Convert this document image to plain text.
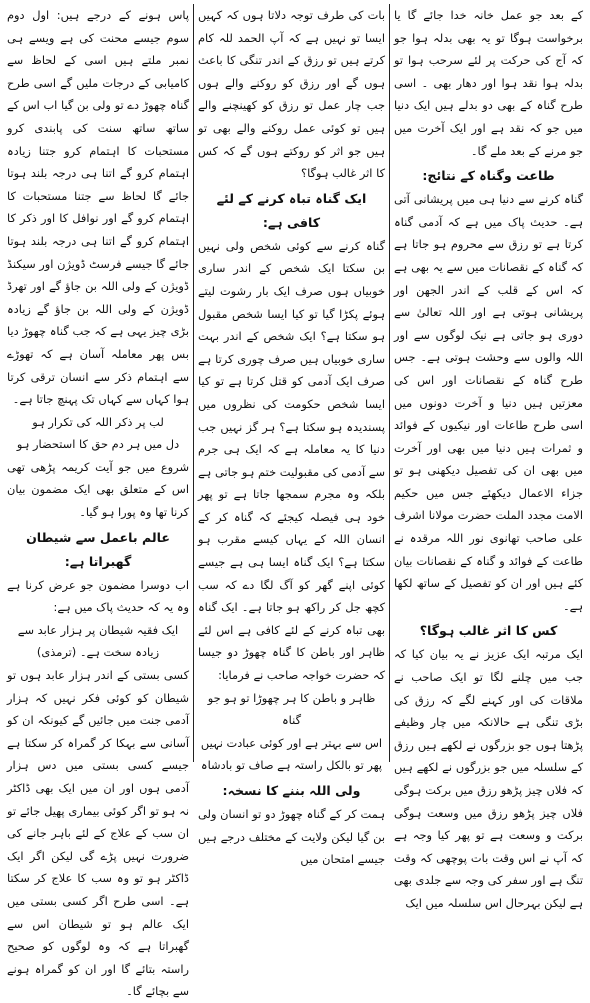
کے بعد جو عمل خانہ خدا جائے گا یا برخواست ہوگا تو یہ بھی بدلہ ہوا جو کہ آج کی حرکت پر لئے سرحب ہوا تو بدلہ ہوا نقد ہوا اور دھار بھی ۔ اسی طرح گناہ کے بھی دو بدلے ہیں ایک دنیا میں جو کہ نقد ہے اور ایک آخرت میں جو مرنے کے بعد ملے گا۔

طاعت وگناہ کے نتائج:

گناہ کرنے سے دنیا ہی میں پریشانی آتی ہے۔ حدیث پاک میں ہے کہ آدمی گناہ کرتا ہے تو رزق سے محروم ہو جاتا ہے کہ گناہ کے نقصانات میں سے یہ بھی ہے کہ اس کے قلب کے اندر الجھن اور پریشانی ہوتی ہے اور اللہ تعالیٰ سے دوری ہو جاتی ہے نیک لوگوں سے اور اللہ والوں سے وحشت ہوتی ہے۔ جس طرح گناہ کے نقصانات اور اس کی معزتیں ہیں دنیا و آخرت دونوں میں اسی طرح طاعات اور نیکیوں کے فوائد و ثمرات ہیں دنیا میں بھی اور آخرت میں بھی ان کی تفصیل دیکھنی ہو تو جزاء الاعمال دیکھئے جس میں حکیم الامت مجدد الملت حضرت مولانا اشرف علی صاحب تھانوی نور اللہ مرقدہ نے طاعت کے فوائد و گناہ کے نقصانات بیان کئے ہیں اور ان کو تفصیل کے ساتھ لکھا ہے۔

کس کا اثر غالب ہوگا؟

ایک مرتبہ ایک عزیز نے یہ بیان کیا کہ جب میں چلنے لگا تو ایک صاحب نے ملاقات کی اور کہنے لگے کہ رزق کی بڑی تنگی ہے حالانکہ میں چار وظیفے پڑھتا ہوں جو بزرگوں نے لکھے ہیں رزق کے سلسلہ میں جو بزرگوں نے لکھے ہیں کہ فلاں چیز پڑھو رزق میں برکت ہوگی فلاں چیز پڑھو رزق میں وسعت ہوگی برکت و وسعت ہے تو پھر کیا وجہ ہے کہ آپ نے اس وقت بات پوچھی کہ وقت تنگ ہے اور سفر کی وجہ سے جلدی بھی ہے لیکن بہرحال اس سلسلہ میں ایک

بات کی طرف توجہ دلاتا ہوں کہ کہیں ایسا تو نہیں ہے کہ آپ الحمد للہ کام کرتے ہیں تو رزق کے اندر تنگی کا باعث ہوں گے اور رزق کو روکنے والے ہوں جب چار عمل تو رزق کو کھینچنے والے ہیں تو کوئی عمل روکنے والے بھی تو ہیں جو اثر کو روکتے ہوں گے کہ کس کا اثر غالب ہوگا؟

ایک گناہ تباہ کرنے کے لئے کافی ہے:

گناہ کرنے سے کوئی شخص ولی نہیں بن سکتا ایک شخص کے اندر ساری خوبیاں ہوں صرف ایک بار رشوت لیتے ہوئے پکڑا گیا تو کیا ایسا شخص مقبول ہو سکتا ہے؟ ایک شخص کے اندر بہت ساری خوبیاں ہیں صرف چوری کرتا ہے صرف ایک آدمی کو قتل کرتا ہے تو کیا ایسا شخص حکومت کی نظروں میں پسندیدہ ہو سکتا ہے؟ ہر گز نہیں جب دنیا کا یہ معاملہ ہے کہ ایک ہی جرم سے آدمی کی مقبولیت ختم ہو جاتی ہے بلکہ وہ مجرم سمجھا جاتا ہے تو پھر خود ہی فیصلہ کیجئے کہ گناہ کر کے انسان اللہ کے یہاں کیسے مقرب ہو سکتا ہے؟ ایک گناہ ایسا ہی ہے جیسے کوئی اپنے گھر کو آگ لگا دے کہ سب کچھ جل کر راکھ ہو جاتا ہے۔ ایک گناہ بھی تباہ کرنے کے لئے کافی ہے اس لئے ظاہر اور باطن کا گناہ چھوڑ دو جیسا کہ حضرت خواجہ صاحب نے فرمایا:

ظاہر و باطن کا ہر چھوڑا تو ہو جو گناہ

اس سے بہتر ہے اور کوئی عبادت نہیں

پھر تو بالکل راستہ ہے صاف تو بادشاہ

ولی اللہ بننے کا نسخہ:

ہمت کر کے گناہ چھوڑ دو تو انسان ولی بن گیا لیکن ولایت کے مختلف درجے ہیں جیسے امتحان میں

پاس ہونے کے درجے ہیں: اول دوم سوم جیسے محنت کی ہے ویسے ہی نمبر ملتے ہیں اسی کے لحاظ سے کامیابی کے درجات ملیں گے اسی طرح گناہ چھوڑ دے تو ولی بن گیا اب اس کے ساتھ ساتھ سنت کی پابندی کرو مستحبات کا اہتمام کرو جتنا زیادہ اہتمام کرو گے اتنا ہی درجہ بلند ہوتا جائے گا لحاظ سے جتنا مستحبات کا اہتمام کرو گے اور نوافل کا اور ذکر کا اہتمام کرو گے اتنا ہی درجہ بلند ہوتا جائے گا جیسے فرسٹ ڈویژن اور سیکنڈ ڈویژن کے ولی اللہ بن جاؤ گے اور تھرڈ ڈویژن کے ولی اللہ بن جاؤ گے زیادہ بڑی چیز یہی ہے کہ جب گناہ چھوڑ دیا بس پھر معاملہ آسان ہے کہ تھوڑے سے اہتمام ذکر سے انسان ترقی کرتا ہوا کہاں سے کہاں تک پہنچ جاتا ہے۔

لب پر ذکر اللہ کی تکرار ہو

دل میں ہر دم حق کا استحضار ہو

شروع میں جو آیت کریمہ پڑھی تھی اس کے متعلق بھی ایک مضمون بیان کرنا تھا وہ پورا ہو گیا۔

عالم باعمل سے شیطان گھبراتا ہے:

اب دوسرا مضمون جو عرض کرنا ہے وہ یہ کہ حدیث پاک میں ہے:

ایک فقیہ شیطان پر ہزار عابد سے زیادہ سخت ہے۔ (ترمذی)

کسی بستی کے اندر ہزار عابد ہوں تو شیطان کو کوئی فکر نہیں کہ ہزار آدمی جنت میں جائیں گے کیونکہ ان کو آسانی سے بہکا کر گمراہ کر سکتا ہے جیسے کسی بستی میں دس ہزار آدمی ہوں اور ان میں ایک بھی ڈاکٹر نہ ہو تو اگر کوئی بیماری پھیل جائے تو ان سب کے علاج کے لئے باہر جانے کی ضرورت نہیں پڑے گی لیکن اگر ایک ڈاکٹر ہو تو وہ سب کا علاج کر سکتا ہے۔ اسی طرح اگر کسی بستی میں ایک عالم ہو تو شیطان اس سے گھبراتا ہے کہ وہ لوگوں کو صحیح راستہ بتائے گا اور ان کو گمراہ ہونے سے بچائے گا۔
